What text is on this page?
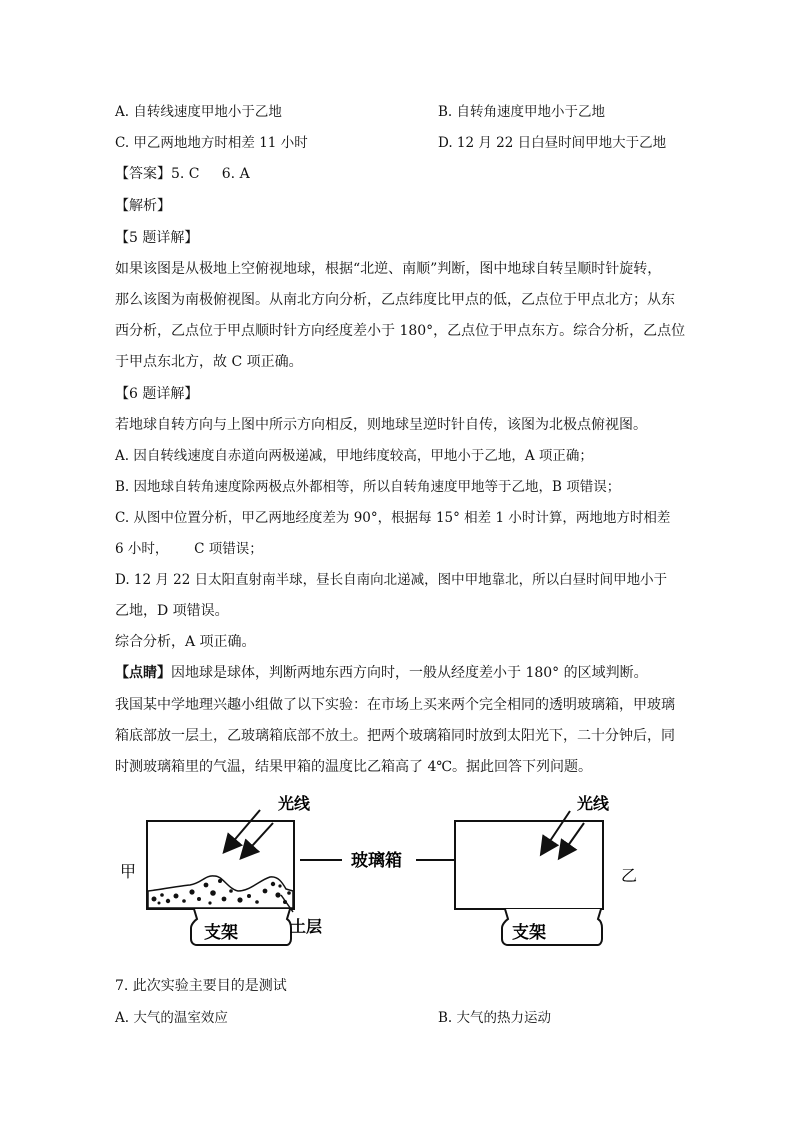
A. 自转线速度甲地小于乙地	B. 自转角速度甲地小于乙地
C. 甲乙两地地方时相差 11 小时	D. 12 月 22 日白昼时间甲地大于乙地
【答案】5. C     6. A
【解析】
【5 题详解】
如果该图是从极地上空俯视地球，根据“北逆、南顺”判断，图中地球自转呈顺时针旋转，
那么该图为南极俯视图。从南北方向分析，乙点纬度比甲点的低，乙点位于甲点北方；从东
西分析，乙点位于甲点顺时针方向经度差小于 180°，乙点位于甲点东方。综合分析，乙点位
于甲点东北方，故 C 项正确。
【6 题详解】
若地球自转方向与上图中所示方向相反，则地球呈逆时针自传，该图为北极点俯视图。
A. 因自转线速度自赤道向两极递减，甲地纬度较高，甲地小于乙地，A 项正确；
B. 因地球自转角速度除两极点外都相等，所以自转角速度甲地等于乙地，B 项错误；
C. 从图中位置分析，甲乙两地经度差为 90°，根据每 15° 相差 1 小时计算，两地地方时相差
6 小时，      C 项错误；
D. 12 月 22 日太阳直射南半球，昼长自南向北递减，图中甲地靠北，所以白昼时间甲地小于
乙地，D 项错误。
综合分析，A 项正确。
【点睛】因地球是球体，判断两地东西方向时，一般从经度差小于 180° 的区域判断。
我国某中学地理兴趣小组做了以下实验：在市场上买来两个完全相同的透明玻璃箱，甲玻璃
箱底部放一层土，乙玻璃箱底部不放土。把两个玻璃箱同时放到太阳光下，二十分钟后，同
时测玻璃箱里的气温，结果甲箱的温度比乙箱高了 4℃。据此回答下列问题。
支架
光线
甲
土层
玻璃箱
支架
光线
乙
7. 此次实验主要目的是测试
A. 大气的温室效应	B. 大气的热力运动
